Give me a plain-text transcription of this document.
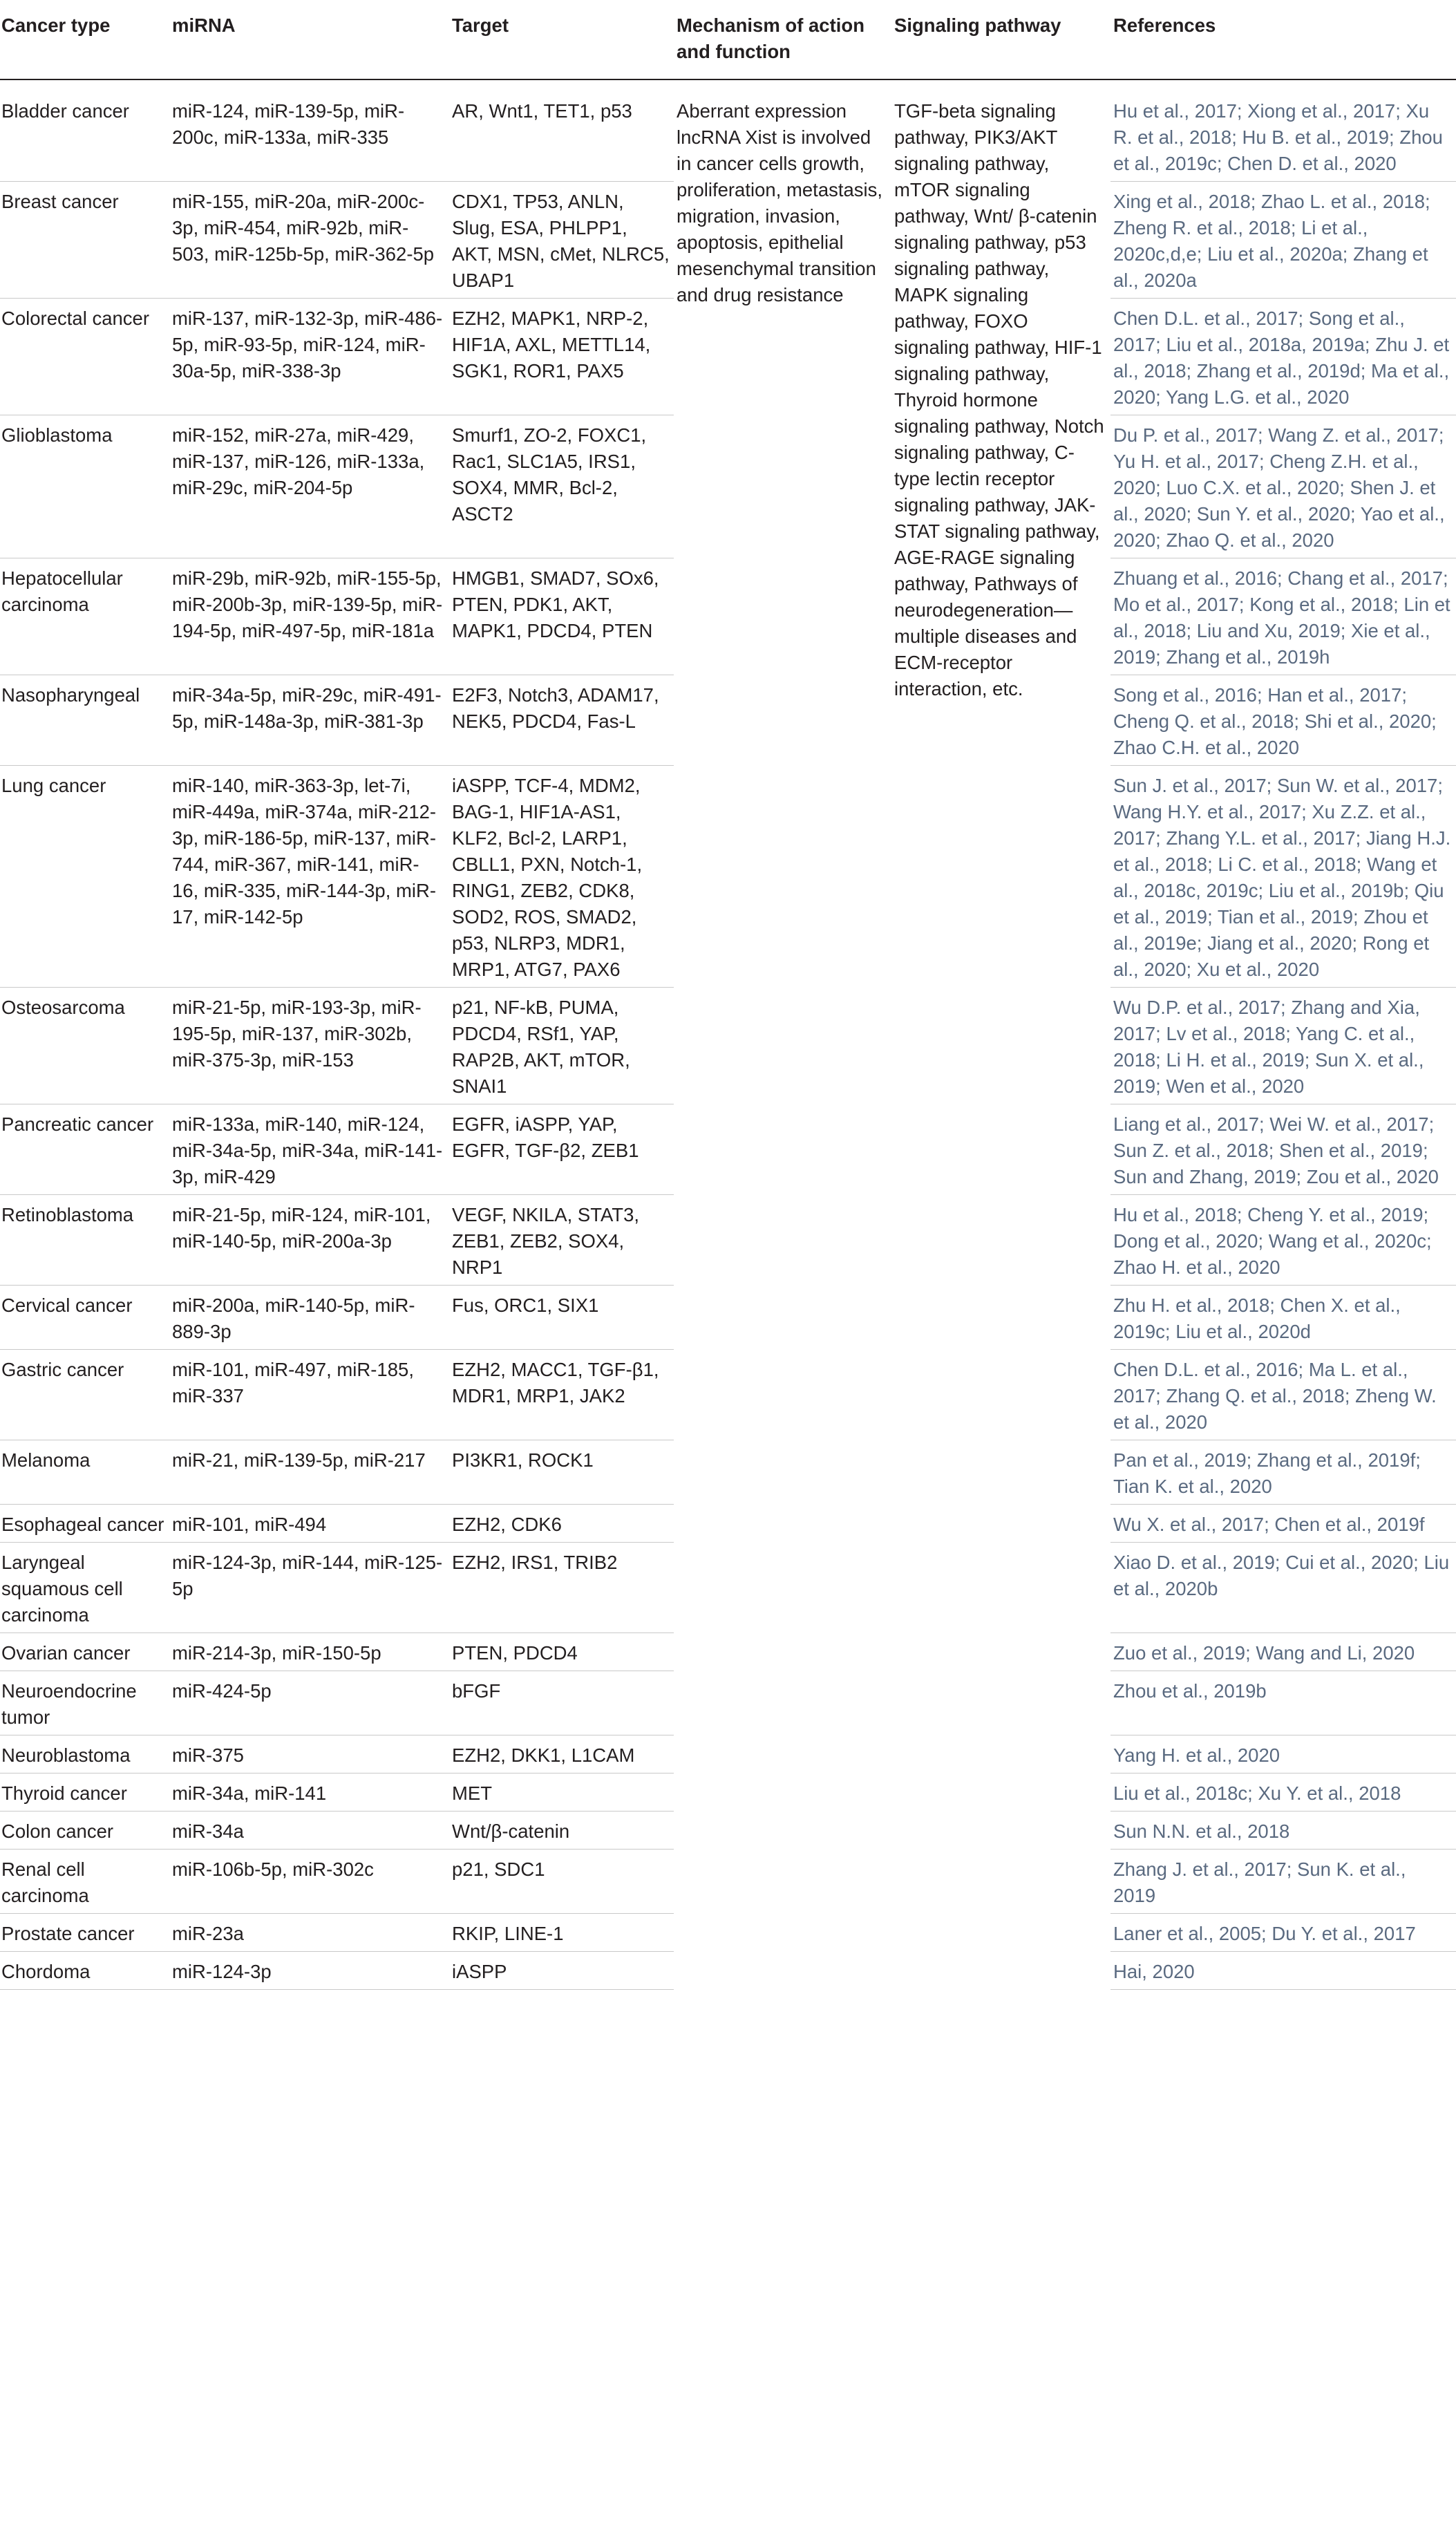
Cancer type	miRNA	Target	Mechanism of action and function	Signaling pathway	References
Bladder cancer	miR-124, miR-139-5p, miR-200c, miR-133a, miR-335	AR, Wnt1, TET1, p53	Aberrant expression lncRNA Xist is involved in cancer cells growth, proliferation, metastasis, migration, invasion, apoptosis, epithelial mesenchymal transition and drug resistance	TGF-beta signaling pathway, PIK3/AKT signaling pathway, mTOR signaling pathway, Wnt/ β-catenin signaling pathway, p53 signaling pathway, MAPK signaling pathway, FOXO signaling pathway, HIF-1 signaling pathway, Thyroid hormone signaling pathway, Notch signaling pathway, C-type lectin receptor signaling pathway, JAK-STAT signaling pathway, AGE-RAGE signaling pathway, Pathways of neurodegeneration—multiple diseases and ECM-receptor interaction, etc.	Hu et al., 2017; Xiong et al., 2017; Xu R. et al., 2018; Hu B. et al., 2019; Zhou et al., 2019c; Chen D. et al., 2020
Breast cancer	miR-155, miR-20a, miR-200c-3p, miR-454, miR-92b, miR-503, miR-125b-5p, miR-362-5p	CDX1, TP53, ANLN, Slug, ESA, PHLPP1, AKT, MSN, cMet, NLRC5, UBAP1			Xing et al., 2018; Zhao L. et al., 2018; Zheng R. et al., 2018; Li et al., 2020c,d,e; Liu et al., 2020a; Zhang et al., 2020a
Colorectal cancer	miR-137, miR-132-3p, miR-486-5p, miR-93-5p, miR-124, miR-30a-5p, miR-338-3p	EZH2, MAPK1, NRP-2, HIF1A, AXL, METTL14, SGK1, ROR1, PAX5			Chen D.L. et al., 2017; Song et al., 2017; Liu et al., 2018a, 2019a; Zhu J. et al., 2018; Zhang et al., 2019d; Ma et al., 2020; Yang L.G. et al., 2020
Glioblastoma	miR-152, miR-27a, miR-429, miR-137, miR-126, miR-133a, miR-29c, miR-204-5p	Smurf1, ZO-2, FOXC1, Rac1, SLC1A5, IRS1, SOX4, MMR, Bcl-2, ASCT2			Du P. et al., 2017; Wang Z. et al., 2017; Yu H. et al., 2017; Cheng Z.H. et al., 2020; Luo C.X. et al., 2020; Shen J. et al., 2020; Sun Y. et al., 2020; Yao et al., 2020; Zhao Q. et al., 2020
Hepatocellular carcinoma	miR-29b, miR-92b, miR-155-5p, miR-200b-3p, miR-139-5p, miR-194-5p, miR-497-5p, miR-181a	HMGB1, SMAD7, SOx6, PTEN, PDK1, AKT, MAPK1, PDCD4, PTEN			Zhuang et al., 2016; Chang et al., 2017; Mo et al., 2017; Kong et al., 2018; Lin et al., 2018; Liu and Xu, 2019; Xie et al., 2019; Zhang et al., 2019h
Nasopharyngeal	miR-34a-5p, miR-29c, miR-491-5p, miR-148a-3p, miR-381-3p	E2F3, Notch3, ADAM17, NEK5, PDCD4, Fas-L			Song et al., 2016; Han et al., 2017; Cheng Q. et al., 2018; Shi et al., 2020; Zhao C.H. et al., 2020
Lung cancer	miR-140, miR-363-3p, let-7i, miR-449a, miR-374a, miR-212-3p, miR-186-5p, miR-137, miR-744, miR-367, miR-141, miR-16, miR-335, miR-144-3p, miR-17, miR-142-5p	iASPP, TCF-4, MDM2, BAG-1, HIF1A-AS1, KLF2, Bcl-2, LARP1, CBLL1, PXN, Notch-1, RING1, ZEB2, CDK8, SOD2, ROS, SMAD2, p53, NLRP3, MDR1, MRP1, ATG7, PAX6			Sun J. et al., 2017; Sun W. et al., 2017; Wang H.Y. et al., 2017; Xu Z.Z. et al., 2017; Zhang Y.L. et al., 2017; Jiang H.J. et al., 2018; Li C. et al., 2018; Wang et al., 2018c, 2019c; Liu et al., 2019b; Qiu et al., 2019; Tian et al., 2019; Zhou et al., 2019e; Jiang et al., 2020; Rong et al., 2020; Xu et al., 2020
Osteosarcoma	miR-21-5p, miR-193-3p, miR-195-5p, miR-137, miR-302b, miR-375-3p, miR-153	p21, NF-kB, PUMA, PDCD4, RSf1, YAP, RAP2B, AKT, mTOR, SNAI1			Wu D.P. et al., 2017; Zhang and Xia, 2017; Lv et al., 2018; Yang C. et al., 2018; Li H. et al., 2019; Sun X. et al., 2019; Wen et al., 2020
Pancreatic cancer	miR-133a, miR-140, miR-124, miR-34a-5p, miR-34a, miR-141-3p, miR-429	EGFR, iASPP, YAP, EGFR, TGF-β2, ZEB1			Liang et al., 2017; Wei W. et al., 2017; Sun Z. et al., 2018; Shen et al., 2019; Sun and Zhang, 2019; Zou et al., 2020
Retinoblastoma	miR-21-5p, miR-124, miR-101, miR-140-5p, miR-200a-3p	VEGF, NKILA, STAT3, ZEB1, ZEB2, SOX4, NRP1			Hu et al., 2018; Cheng Y. et al., 2019; Dong et al., 2020; Wang et al., 2020c; Zhao H. et al., 2020
Cervical cancer	miR-200a, miR-140-5p, miR-889-3p	Fus, ORC1, SIX1			Zhu H. et al., 2018; Chen X. et al., 2019c; Liu et al., 2020d
Gastric cancer	miR-101, miR-497, miR-185, miR-337	EZH2, MACC1, TGF-β1, MDR1, MRP1, JAK2			Chen D.L. et al., 2016; Ma L. et al., 2017; Zhang Q. et al., 2018; Zheng W. et al., 2020
Melanoma	miR-21, miR-139-5p, miR-217	PI3KR1, ROCK1			Pan et al., 2019; Zhang et al., 2019f; Tian K. et al., 2020
Esophageal cancer	miR-101, miR-494	EZH2, CDK6			Wu X. et al., 2017; Chen et al., 2019f
Laryngeal squamous cell carcinoma	miR-124-3p, miR-144, miR-125-5p	EZH2, IRS1, TRIB2			Xiao D. et al., 2019; Cui et al., 2020; Liu et al., 2020b
Ovarian cancer	miR-214-3p, miR-150-5p	PTEN, PDCD4			Zuo et al., 2019; Wang and Li, 2020
Neuroendocrine tumor	miR-424-5p	bFGF			Zhou et al., 2019b
Neuroblastoma	miR-375	EZH2, DKK1, L1CAM			Yang H. et al., 2020
Thyroid cancer	miR-34a, miR-141	MET			Liu et al., 2018c; Xu Y. et al., 2018
Colon cancer	miR-34a	Wnt/β-catenin			Sun N.N. et al., 2018
Renal cell carcinoma	miR-106b-5p, miR-302c	p21, SDC1			Zhang J. et al., 2017; Sun K. et al., 2019
Prostate cancer	miR-23a	RKIP, LINE-1			Laner et al., 2005; Du Y. et al., 2017
Chordoma	miR-124-3p	iASPP			Hai, 2020
